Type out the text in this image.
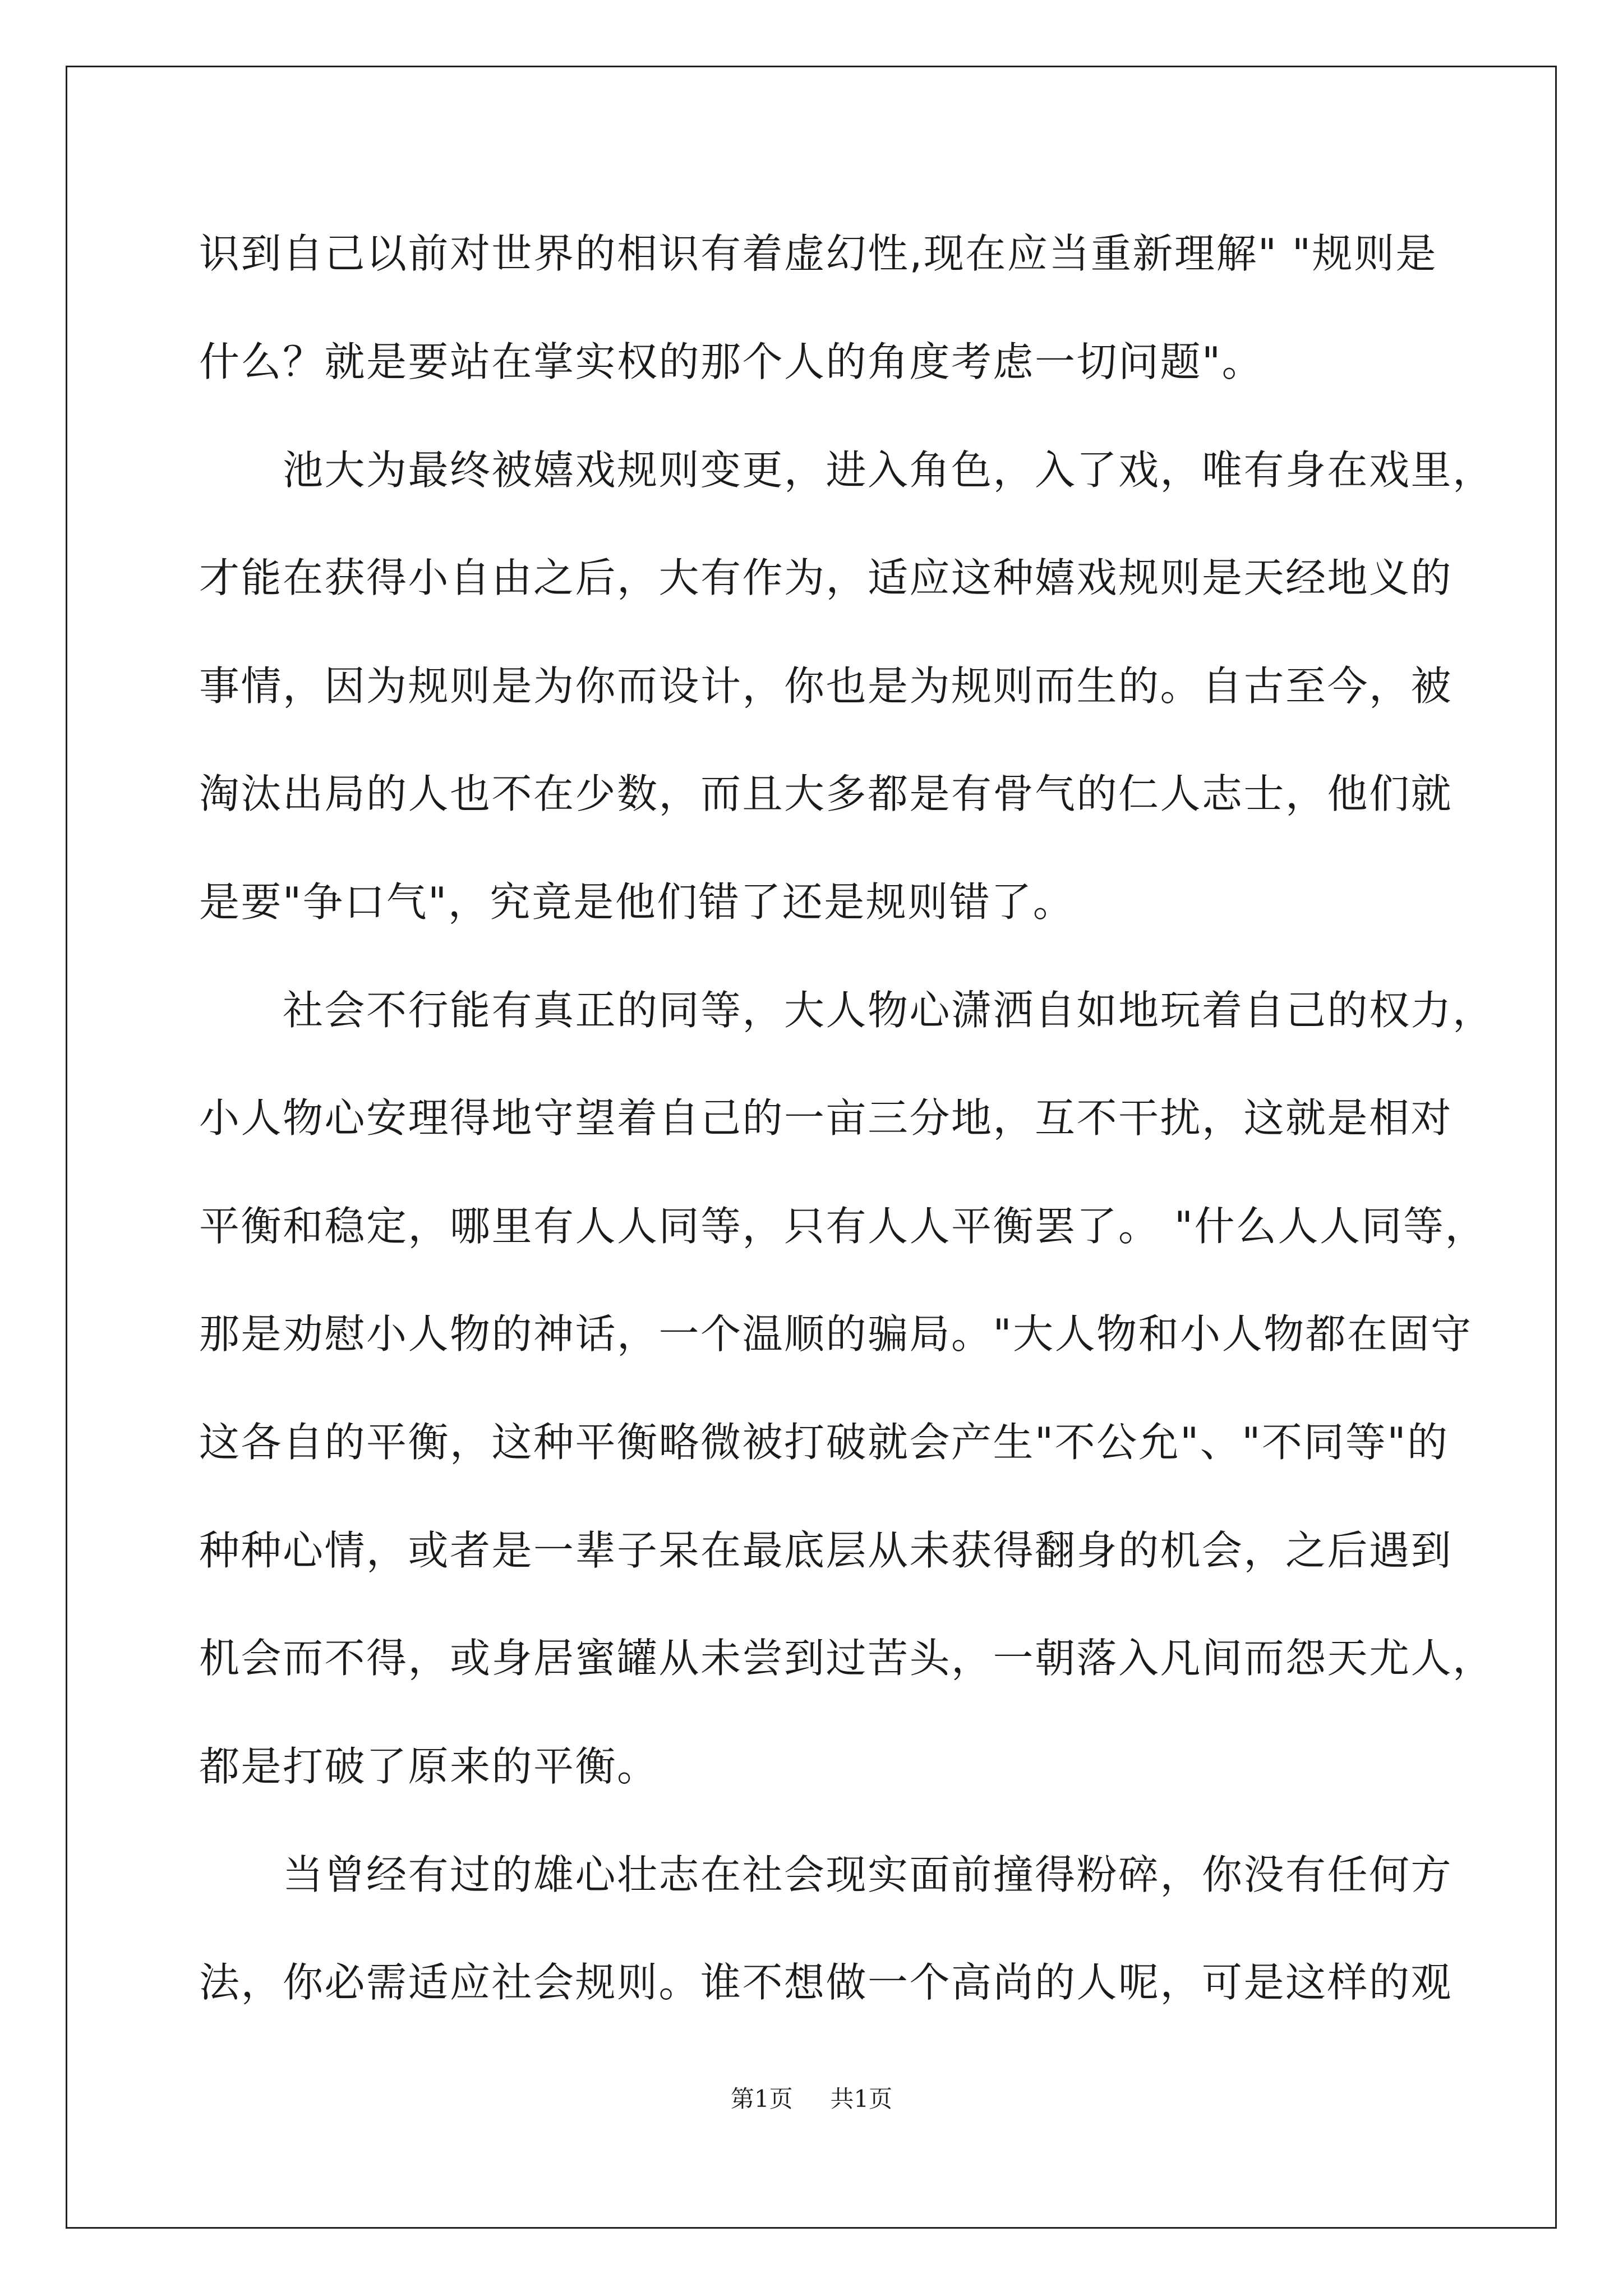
识到自己以前对世界的相识有着虚幻性,现在应当重新理解" "规则是
什么？就是要站在掌实权的那个人的角度考虑一切问题"。
　　池大为最终被嬉戏规则变更，进入角色，入了戏，唯有身在戏里，
才能在获得小自由之后，大有作为，适应这种嬉戏规则是天经地义的
事情，因为规则是为你而设计，你也是为规则而生的。自古至今，被
淘汰出局的人也不在少数，而且大多都是有骨气的仁人志士，他们就
是要"争口气"，究竟是他们错了还是规则错了。
　　社会不行能有真正的同等，大人物心潇洒自如地玩着自己的权力，
小人物心安理得地守望着自己的一亩三分地，互不干扰，这就是相对
平衡和稳定，哪里有人人同等，只有人人平衡罢了。 "什么人人同等，
那是劝慰小人物的神话，一个温顺的骗局。"大人物和小人物都在固守
这各自的平衡，这种平衡略微被打破就会产生"不公允"、"不同等"的
种种心情，或者是一辈子呆在最底层从未获得翻身的机会，之后遇到
机会而不得，或身居蜜罐从未尝到过苦头，一朝落入凡间而怨天尤人，
都是打破了原来的平衡。
　　当曾经有过的雄心壮志在社会现实面前撞得粉碎，你没有任何方
法，你必需适应社会规则。谁不想做一个高尚的人呢，可是这样的观
第1页 共1页
